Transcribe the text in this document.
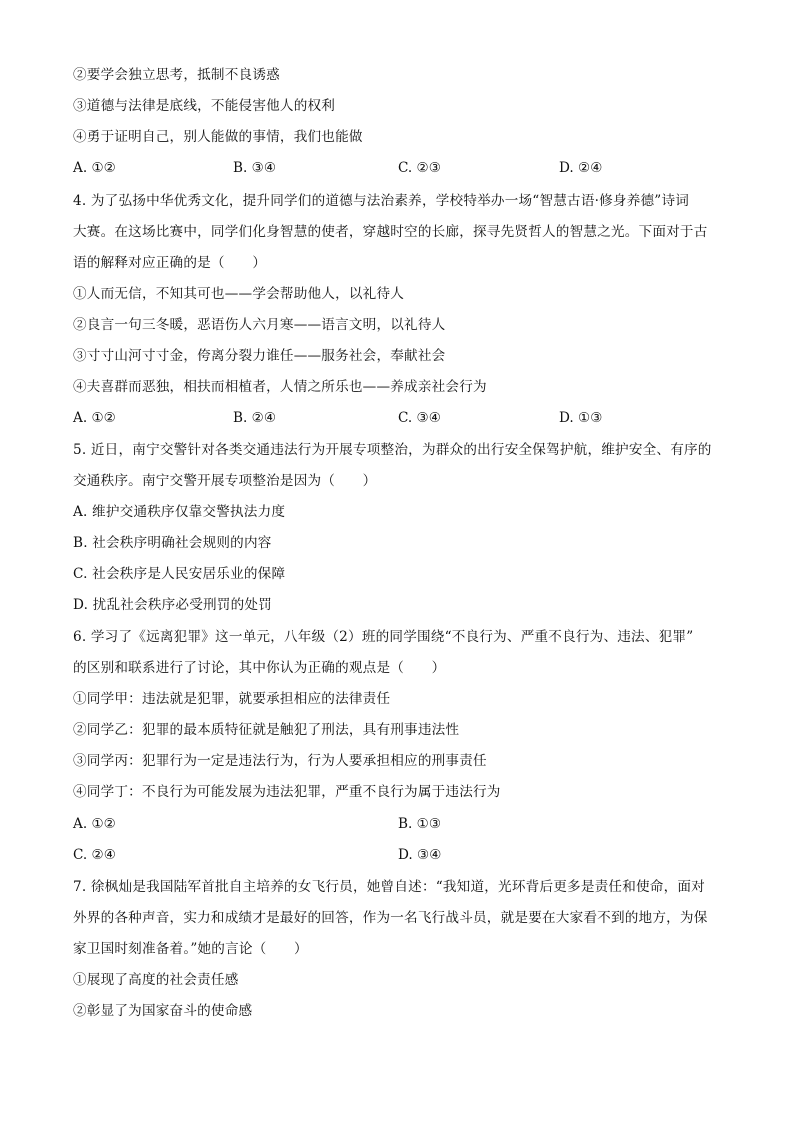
②要学会独立思考，抵制不良诱惑
③道德与法律是底线，不能侵害他人的权利
④勇于证明自己，别人能做的事情，我们也能做
A. ①②	B. ③④	C. ②③	D. ②④
4. 为了弘扬中华优秀文化，提升同学们的道德与法治素养，学校特举办一场“智慧古语·修身养德”诗词
大赛。在这场比赛中，同学们化身智慧的使者，穿越时空的长廊，探寻先贤哲人的智慧之光。下面对于古
语的解释对应正确的是（　　）
①人而无信，不知其可也——学会帮助他人，以礼待人
②良言一句三冬暖，恶语伤人六月寒——语言文明，以礼待人
③寸寸山河寸寸金，侉离分裂力谁任——服务社会，奉献社会
④夫喜群而恶独，相扶而相植者，人情之所乐也——养成亲社会行为
A. ①②	B. ②④	C. ③④	D. ①③
5. 近日，南宁交警针对各类交通违法行为开展专项整治，为群众的出行安全保驾护航，维护安全、有序的
交通秩序。南宁交警开展专项整治是因为（　　）
A. 维护交通秩序仅靠交警执法力度
B. 社会秩序明确社会规则的内容
C. 社会秩序是人民安居乐业的保障
D. 扰乱社会秩序必受刑罚的处罚
6. 学习了《远离犯罪》这一单元，八年级（2）班的同学围绕“不良行为、严重不良行为、违法、犯罪”
的区别和联系进行了讨论，其中你认为正确的观点是（　　）
①同学甲：违法就是犯罪，就要承担相应的法律责任
②同学乙：犯罪的最本质特征就是触犯了刑法，具有刑事违法性
③同学丙：犯罪行为一定是违法行为，行为人要承担相应的刑事责任
④同学丁：不良行为可能发展为违法犯罪，严重不良行为属于违法行为
A. ①②	B. ①③
C. ②④	D. ③④
7. 徐枫灿是我国陆军首批自主培养的女飞行员，她曾自述：“我知道，光环背后更多是责任和使命，面对
外界的各种声音，实力和成绩才是最好的回答，作为一名飞行战斗员，就是要在大家看不到的地方，为保
家卫国时刻准备着。”她的言论（　　）
①展现了高度的社会责任感
②彰显了为国家奋斗的使命感
